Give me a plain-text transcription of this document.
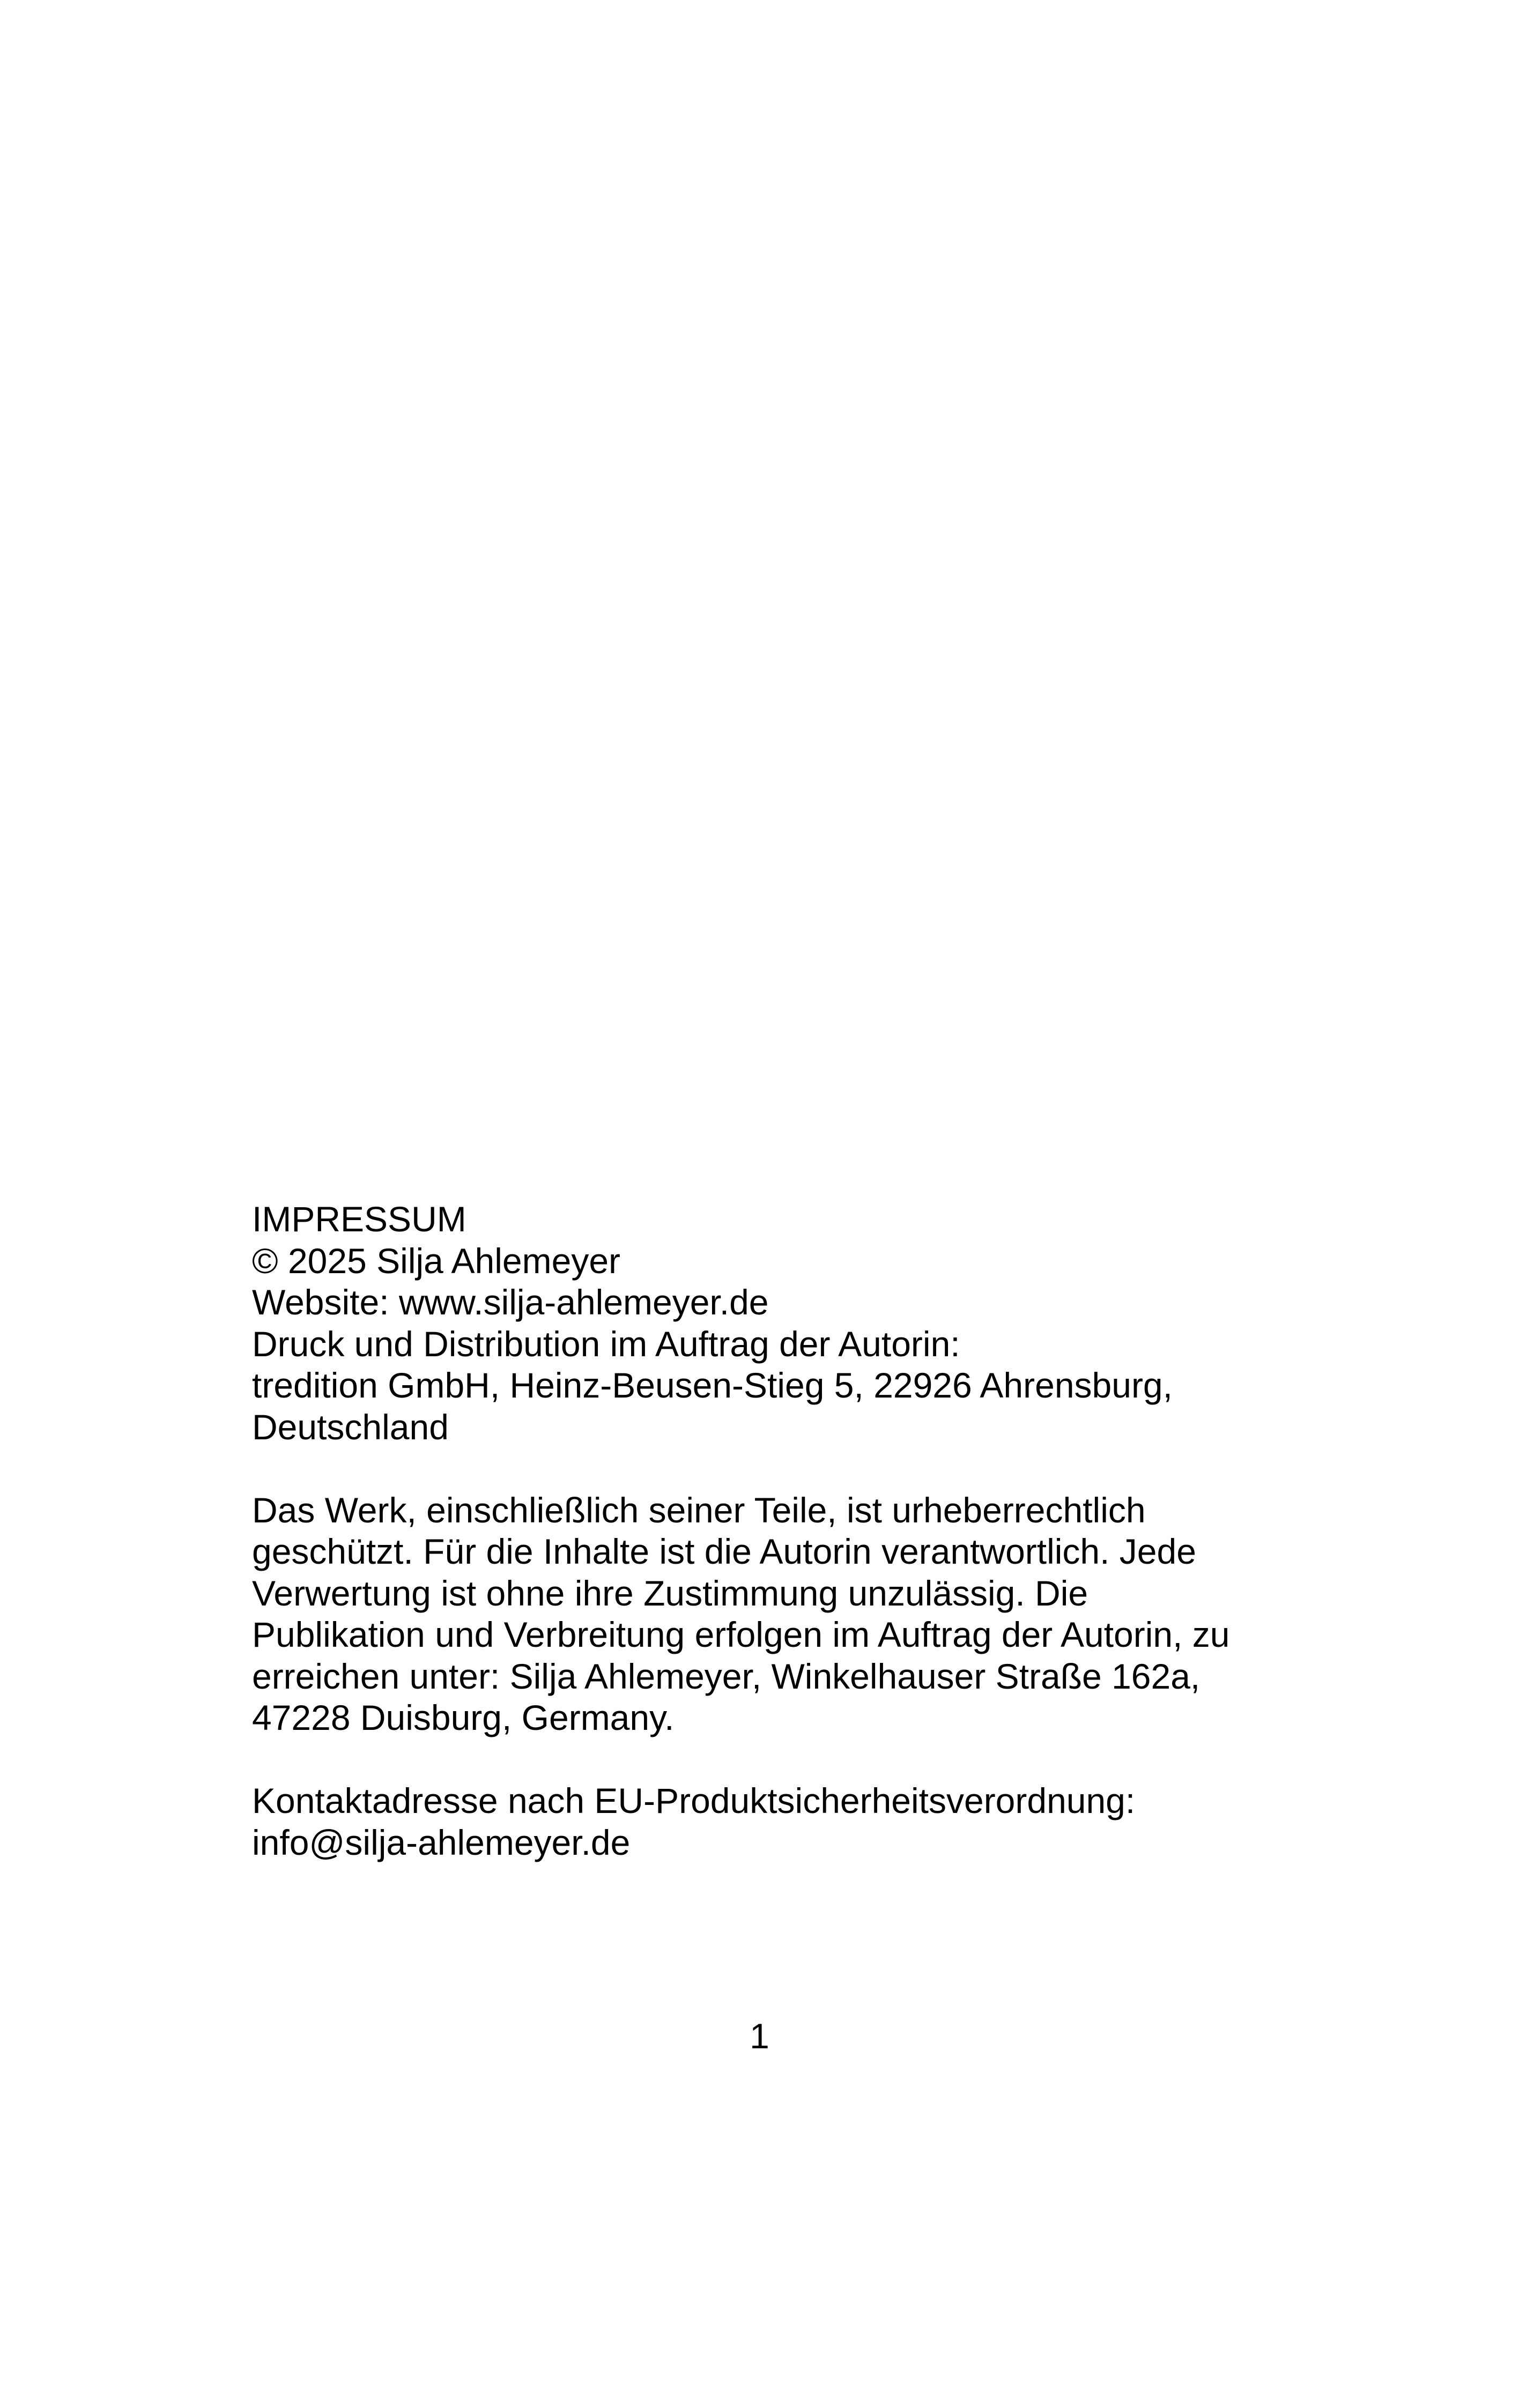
IMPRESSUM

© 2025 Silja Ahlemeyer

Website: www.silja-ahlemeyer.de

Druck und Distribution im Auftrag der Autorin:

tredition GmbH, Heinz-Beusen-Stieg 5, 22926 Ahrensburg,

Deutschland

Das Werk, einschließlich seiner Teile, ist urheberrechtlich

geschützt. Für die Inhalte ist die Autorin verantwortlich. Jede

Verwertung ist ohne ihre Zustimmung unzulässig. Die

Publikation und Verbreitung erfolgen im Auftrag der Autorin, zu

erreichen unter: Silja Ahlemeyer, Winkelhauser Straße 162a,

47228 Duisburg, Germany.

Kontaktadresse nach EU-Produktsicherheitsverordnung:

info@silja-ahlemeyer.de

1
